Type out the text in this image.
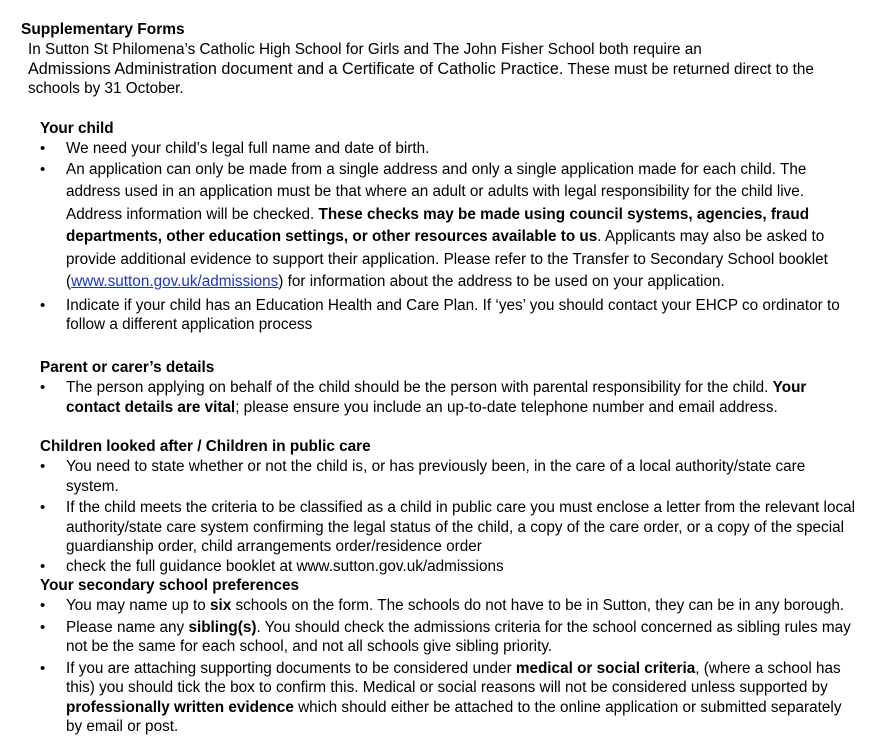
Supplementary Forms
In Sutton St Philomena’s Catholic High School for Girls and The John Fisher School both require an
Admissions Administration document and a Certificate of Catholic Practice. These must be returned direct to the schools by 31 October.
Your child
• We need your child’s legal full name and date of birth.
• An application can only be made from a single address and only a single application made for each child. The address used in an application must be that where an adult or adults with legal responsibility for the child live. Address information will be checked. These checks may be made using council systems, agencies, fraud departments, other education settings, or other resources available to us. Applicants may also be asked to provide additional evidence to support their application. Please refer to the Transfer to Secondary School booklet (www.sutton.gov.uk/admissions) for information about the address to be used on your application.
• Indicate if your child has an Education Health and Care Plan. If ‘yes’ you should contact your EHCP co ordinator to follow a different application process
Parent or carer’s details
• The person applying on behalf of the child should be the person with parental responsibility for the child. Your contact details are vital; please ensure you include an up-to-date telephone number and email address.
Children looked after / Children in public care
• You need to state whether or not the child is, or has previously been, in the care of a local authority/state care system.
• If the child meets the criteria to be classified as a child in public care you must enclose a letter from the relevant local authority/state care system confirming the legal status of the child, a copy of the care order, or a copy of the special guardianship order, child arrangements order/residence order
• check the full guidance booklet at www.sutton.gov.uk/admissions
Your secondary school preferences
• You may name up to six schools on the form. The schools do not have to be in Sutton, they can be in any borough.
• Please name any sibling(s). You should check the admissions criteria for the school concerned as sibling rules may not be the same for each school, and not all schools give sibling priority.
• If you are attaching supporting documents to be considered under medical or social criteria, (where a school has this) you should tick the box to confirm this. Medical or social reasons will not be considered unless supported by professionally written evidence which should either be attached to the online application or submitted separately by email or post.
